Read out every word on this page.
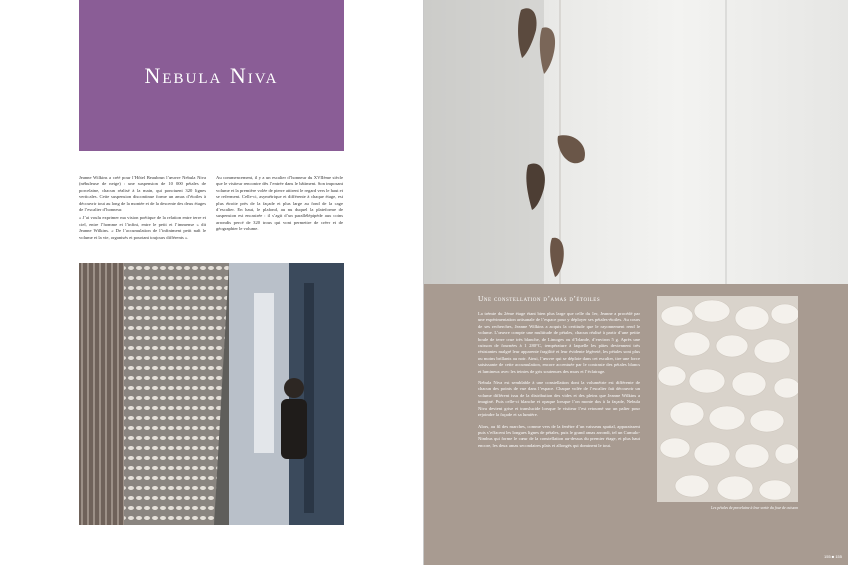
Nebula Niva

Jeanne Wilkins a créé pour l’Hôtel Beaubrun l’œuvre Nebula Niva (nébuleuse de neige) : une suspension de 10 000 pétales de porcelaine, chacun réalisé à la main, qui ponctuent 320 lignes verticales. Cette suspension discontinue forme un amas d’étoiles à découvrir tout au long de la montée et de la descente des deux étages de l’escalier d’honneur.

« J’ai voulu exprimer ma vision poétique de la relation entre terre et ciel, entre l’homme et l’infini, entre le petit et l’immense » dit Jeanne Wilkins. « De l’accumulation de l’infiniment petit naît le volume et la vie, organisés et pourtant toujours différents ».

Au commencement, il y a un escalier d’honneur du XVIIème siècle que le visiteur rencontre dès l’entrée dans le bâtiment. Son imposant volume et la première volée de pierre attirent le regard vers le haut et se referment. Celle-ci, asymétrique et différente à chaque étage, est plus étroite près de la façade et plus large au fond de la cage d’escalier. En haut, le plafond, au nu duquel la plateforme de suspension est encastrée : il s’agit d’un parallélépipède aux coins arrondis percé de 320 trous qui vont permettre de créer et de géographier le volume.

Une constellation d’amas d’étoiles

La trémie du 2ème étage étant bien plus large que celle du 1er, Jeanne a procédé par une expérimentation artisanale de l’espace pour y déployer ses pétales-étoiles. Au cours de ses recherches, Jeanne Wilkins a acquis la certitude que le rayonnement rend le volume. L’œuvre compte une multitude de pétales, chacun réalisé à partir d’une petite boule de terre crue très blanche, de Limoges ou d’Irlande, d’environ 5 g. Après une cuisson de fournées à 1 280°C, température à laquelle les pâtes deviennent très résistantes malgré leur apparente fragilité et leur évidente légèreté, les pétales sont plus ou moins brillants au noir. Ainsi, l’œuvre qui se déploie dans cet escalier, tire une force saisissante de cette accumulation, encore accentuée par le contraste des pétales blancs et lumineux avec les teintes de gris soutenues des murs et l’éclairage.

Nebula Niva est semblable à une constellation dont la volumétrie est différente de chacun des points de vue dans l’espace. Chaque volée de l’escalier fait découvrir un volume différent issu de la distribution des vides et des pleins que Jeanne Wilkins a imaginé. Puis celle-ci blanche et opaque lorsque l’on monte dos à la façade, Nebula Niva devient grise et translucide lorsque le visiteur l’est retourné sur un palier pour rejoindre la façade et sa lumière.

Alors, au fil des marches, comme vers de la fenêtre d’un vaisseau spatial, apparaissent puis s’effacent les longues lignes de pétales, puis le grand amas arrondi, tel un Cumulo-Nimbus qui forme le cœur de la constellation au-dessus du premier étage, et plus haut encore, les deux amas secondaires plats et allongés qui dominent le tout.

Les pétales de porcelaine à leur sortie du four de cuisson
155 ■ 155
